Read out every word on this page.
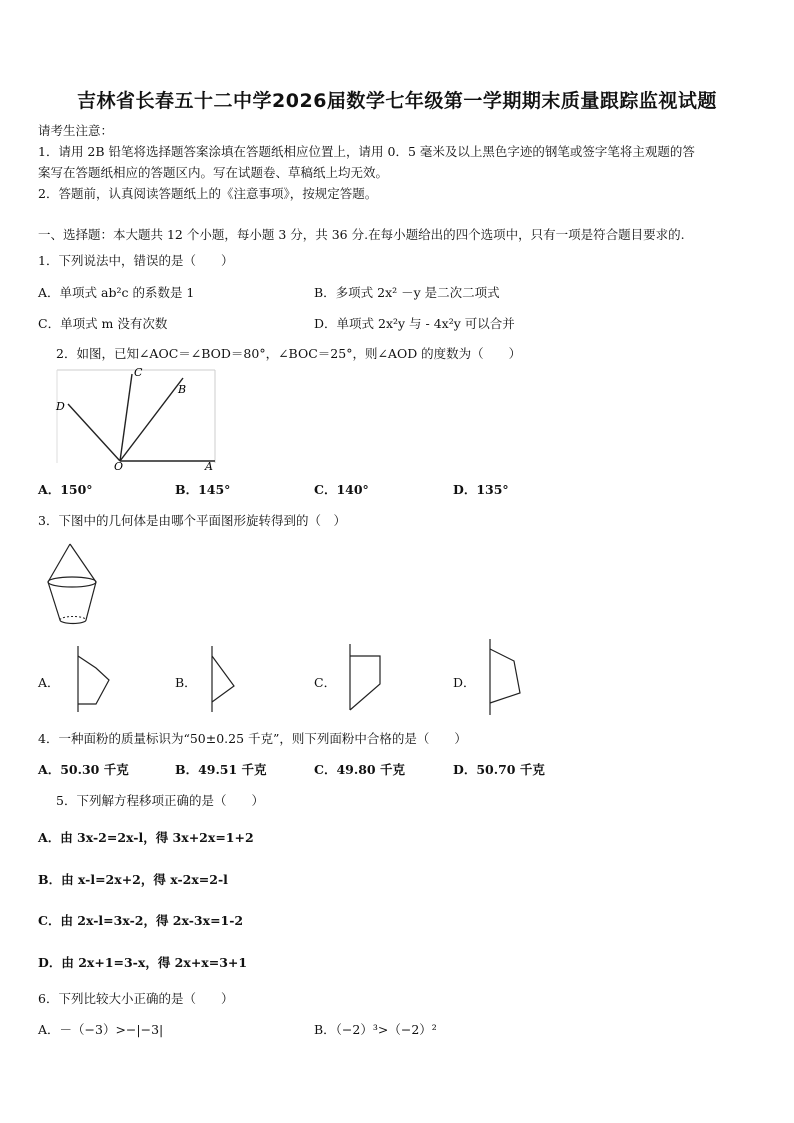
吉林省长春五十二中学2026届数学七年级第一学期期末质量跟踪监视试题
请考生注意：
1．请用 2B 铅笔将选择题答案涂填在答题纸相应位置上，请用 0．5 毫米及以上黑色字迹的钢笔或签字笔将主观题的答
案写在答题纸相应的答题区内。写在试题卷、草稿纸上均无效。
2．答题前，认真阅读答题纸上的《注意事项》，按规定答题。
一、选择题：本大题共 12 个小题，每小题 3 分，共 36 分.在每小题给出的四个选项中，只有一项是符合题目要求的.
1．下列说法中，错误的是（　　）
A．单项式 ab²c 的系数是 1	B．多项式 2x² －y 是二次二项式
C．单项式 m 没有次数	D．单项式 2x²y 与 - 4x²y 可以合并
2．如图，已知∠AOC＝∠BOD＝80°，∠BOC＝25°，则∠AOD 的度数为（　　）
C
B
D
O	A
A．150°	B．145°	C．140°	D．135°
3．下图中的几何体是由哪个平面图形旋转得到的（　）
A．	B．	C．	D．
4．一种面粉的质量标识为“50±0.25 千克”，则下列面粉中合格的是（　　）
A．50.30 千克	B．49.51 千克	C．49.80 千克	D．50.70 千克
5．下列解方程移项正确的是（　　）
A．由 3x-2=2x-l，得 3x+2x=1+2
B．由 x-l=2x+2，得 x-2x=2-l
C．由 2x-l=3x-2，得 2x-3x=1-2
D．由 2x+1=3-x，得 2x+x=3+1
6．下列比较大小正确的是（　　）
A．－（−3）>−|−3|	B．（−2）³>（−2）²
